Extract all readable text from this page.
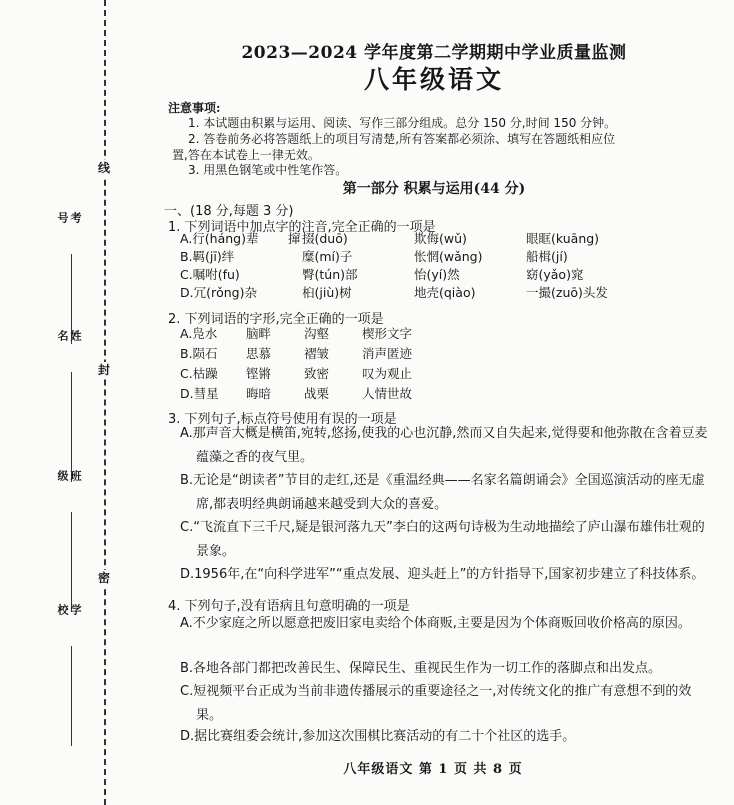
线
封
密
考号
姓名
班级
学校
2023—2024 学年度第二学期期中学业质量监测
八年级语文
注意事项:
1. 本试题由积累与运用、阅读、写作三部分组成。总分 150 分,时间 150 分钟。
2. 答卷前务必将答题纸上的项目写清楚,所有答案都必须涂、填写在答题纸相应位
置,答在本试卷上一律无效。
3. 用黑色钢笔或中性笔作答。
第一部分 积累与运用(44 分)
一、(18 分,每题 3 分)
1. 下列词语中加点字的注音,完全正确的一项是
A.行(háng)辈 撺 掇(duō)	欺侮(wǔ)	眼眶(kuāng)
B.羁(jī)绊	糜(mí)子	怅惘(wǎng)	船楫(jí)
C.嘱咐(fu)	臀(tún)部	怡(yí)然	窈(yǎo)窕
D.冗(rǒng)杂	桕(jiù)树	地壳(qiào)	一撮(zuō)头发
2. 下列词语的字形,完全正确的一项是
A.凫水 脑畔	沟壑	楔形文字
B.陨石 思慕	褶皱	消声匿迹
C.枯躁 铿锵	致密	叹为观止
D.彗星 晦暗	战栗	人情世故
3. 下列句子,标点符号使用有误的一项是
A.那声音大概是横笛,宛转,悠扬,使我的心也沉静,然而又自失起来,觉得要和他弥散在含着豆麦蕴藻之香的夜气里。
B.无论是“朗读者”节目的走红,还是《重温经典——名家名篇朗诵会》全国巡演活动的座无虚席,都表明经典朗诵越来越受到大众的喜爱。
C.“飞流直下三千尺,疑是银河落九天”李白的这两句诗极为生动地描绘了庐山瀑布雄伟壮观的景象。
D.1956年,在“向科学进军”“重点发展、迎头赶上”的方针指导下,国家初步建立了科技体系。
4. 下列句子,没有语病且句意明确的一项是
A.不少家庭之所以愿意把废旧家电卖给个体商贩,主要是因为个体商贩回收价格高的原因。
B.各地各部门都把改善民生、保障民生、重视民生作为一切工作的落脚点和出发点。
C.短视频平台正成为当前非遗传播展示的重要途径之一,对传统文化的推广有意想不到的效果。
D.据比赛组委会统计,参加这次围棋比赛活动的有二十个社区的选手。
八年级语文 第 1 页 共 8 页
